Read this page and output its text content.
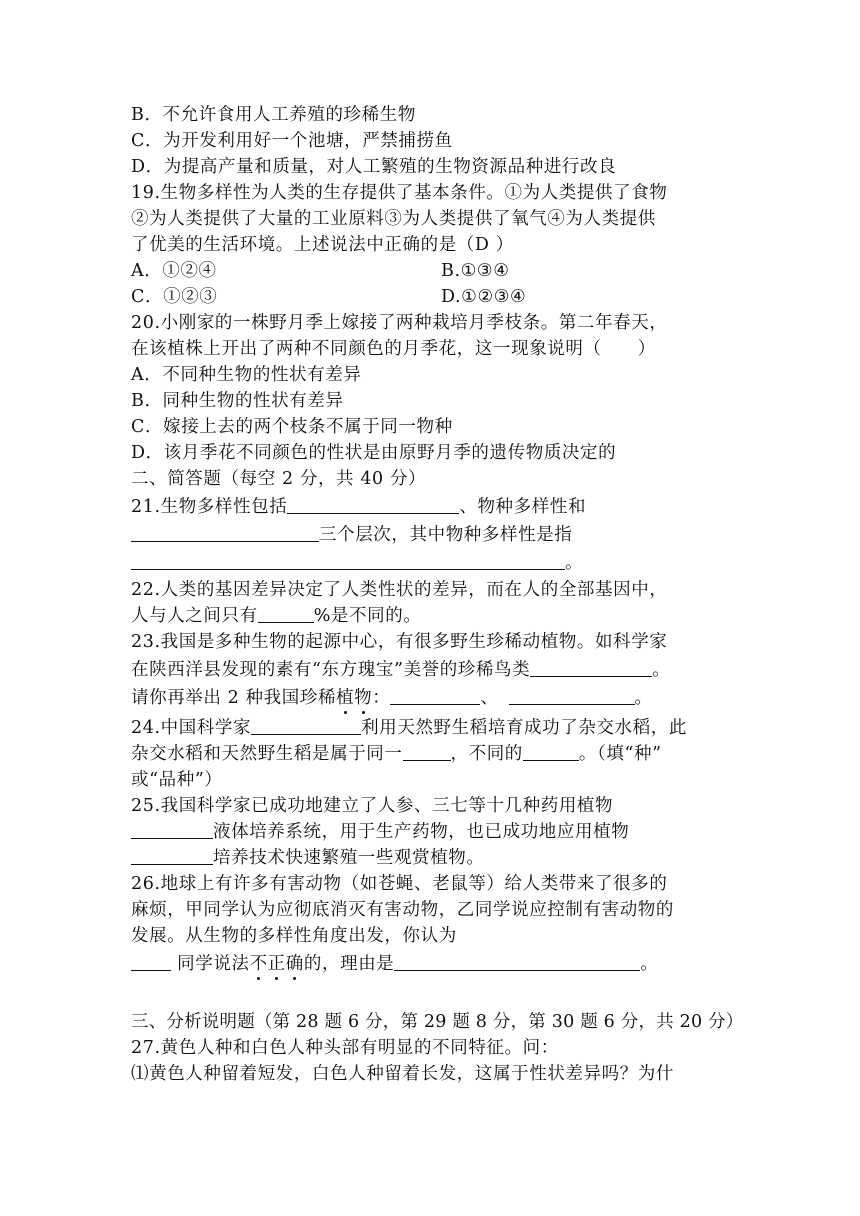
B．不允许食用人工养殖的珍稀生物
C．为开发利用好一个池塘，严禁捕捞鱼
D．为提高产量和质量，对人工繁殖的生物资源品种进行改良
19.生物多样性为人类的生存提供了基本条件。①为人类提供了食物
②为人类提供了大量的工业原料③为人类提供了氧气④为人类提供
了优美的生活环境。上述说法中正确的是（D ）
A．①②④	B.①③④
C．①②③	D.①②③④
20.小刚家的一株野月季上嫁接了两种栽培月季枝条。第二年春天，
在该植株上开出了两种不同颜色的月季花，这一现象说明（　　）
A．不同种生物的性状有差异
B．同种生物的性状有差异
C．嫁接上去的两个枝条不属于同一物种
D．该月季花不同颜色的性状是由原野月季的遗传物质决定的
二、简答题（每空 2 分，共 40 分）
21.生物多样性包括	、物种多样性和
三个层次，其中物种多样性是指
。
22.人类的基因差异决定了人类性状的差异，而在人的全部基因中，
人与人之间只有	%是不同的。
23.我国是多种生物的起源中心，有很多野生珍稀动植物。如科学家
在陕西洋县发现的素有“东方瑰宝”美誉的珍稀鸟类	。
请你再举出 2 种我国珍稀植物：	、	。
24.中国科学家	利用天然野生稻培育成功了杂交水稻，此
杂交水稻和天然野生稻是属于同一	，不同的	。（填“种”
或“品种”）
25.我国科学家已成功地建立了人参、三七等十几种药用植物
液体培养系统，用于生产药物，也已成功地应用植物
培养技术快速繁殖一些观赏植物。
26.地球上有许多有害动物（如苍蝇、老鼠等）给人类带来了很多的
麻烦，甲同学认为应彻底消灭有害动物，乙同学说应控制有害动物的
发展。从生物的多样性角度出发，你认为
同学说法不正确的，理由是	。
三、分析说明题（第 28 题 6 分，第 29 题 8 分，第 30 题 6 分，共 20 分）
27.黄色人种和白色人种头部有明显的不同特征。问：
⑴黄色人种留着短发，白色人种留着长发，这属于性状差异吗？为什
